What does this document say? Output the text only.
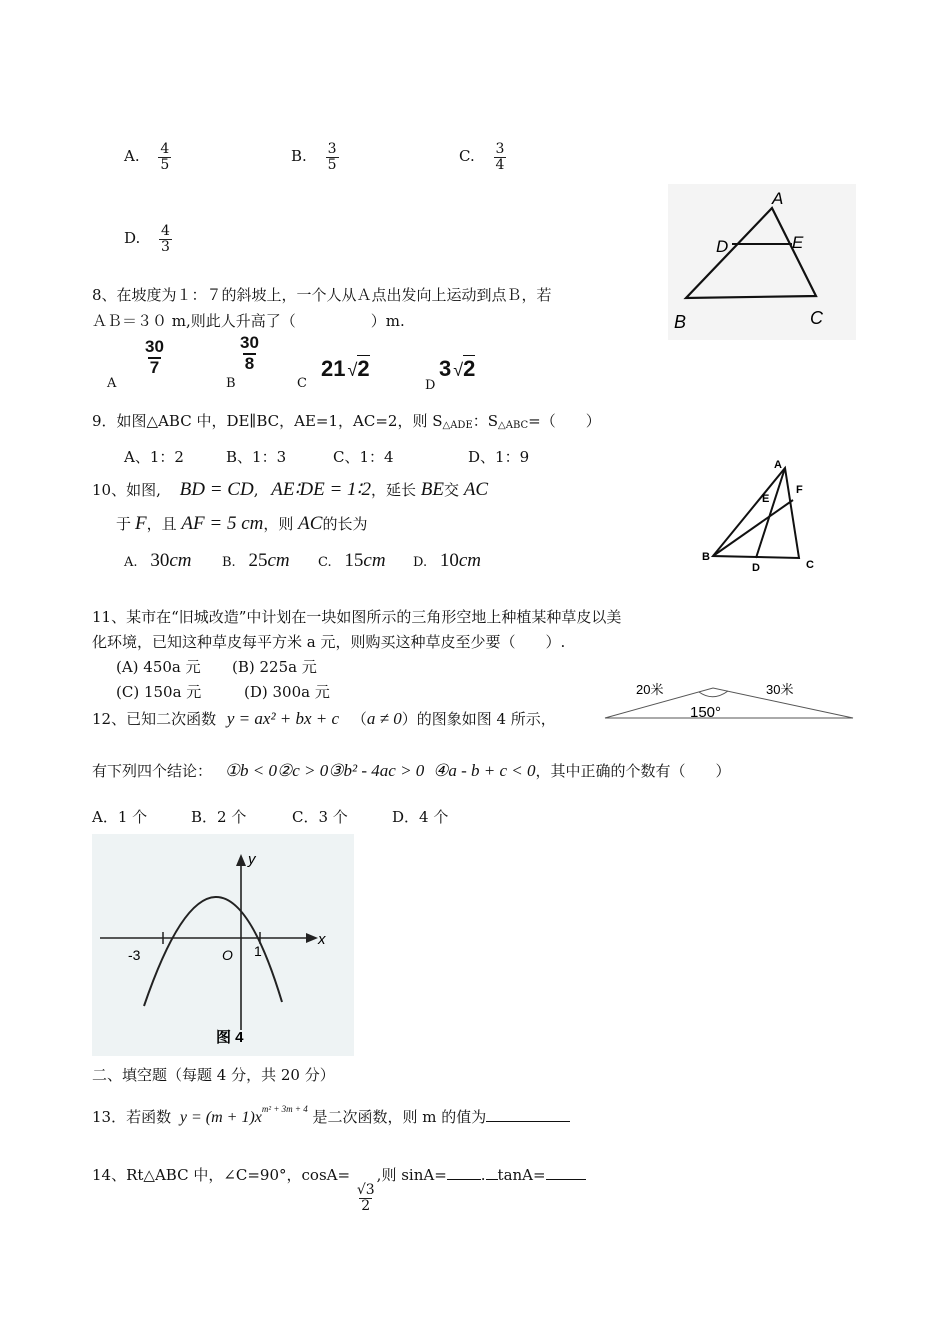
A. $\frac{4}{5}$	B. $\frac{3}{5}$	C. $\frac{3}{4}$
D. $\frac{4}{3}$
A
D	E
B	C
8、在坡度为１：７的斜坡上，一个人从Ａ点出发向上运动到点Ｂ，若
ＡＢ＝３０ m,则此人升高了（　　　　　）m.
A
$\frac{30}{7}$
B
$\frac{30}{8}$
C
21 √2
D
3 √2
9．如图△ABC 中，DE∥BC，AE=1，AC=2，则 $S_{\triangle ADE}$：$S_{\triangle ABC}=$（　　）
A、1：2	B、1：3	C、1：4	D、1：9	A
E
F
B
D	C
10、如图, BD = CD, AE∶DE = 1∶2，延长 BE交 AC
于 F，且 AF = 5 cm，则 AC的长为
A. 30cm B. 25cm C. 15cm D. 10cm
11、某市在“旧城改造”中计划在一块如图所示的三角形空地上种植某种草皮以美
化环境，已知这种草皮每平方米 a 元，则购买这种草皮至少要（　　）.
(A) 450a 元 (B) 225a 元
(C) 150a 元	(D) 300a 元	20米	30米
150°
12、已知二次函数 y = ax² + bx + c （a ≠ 0）的图象如图 4 所示，
有下列四个结论： ①b < 0②c > 0③b² - 4ac > 0 ④a - b + c < 0，其中正确的个数有（　　）
A．1 个	B．2 个	C．3 个	D．4 个
y
x
-3	O 1
图 4
二、填空题（每题 4 分，共 20 分）
13．若函数 $y = (m + 1)x^{m^2 + 3m + 4}$ 是二次函数，则 m 的值为
14、Rt△ABC 中，∠C=90°，cosA=
$\frac{√3}{2}$
,则 sinA= . tanA=
